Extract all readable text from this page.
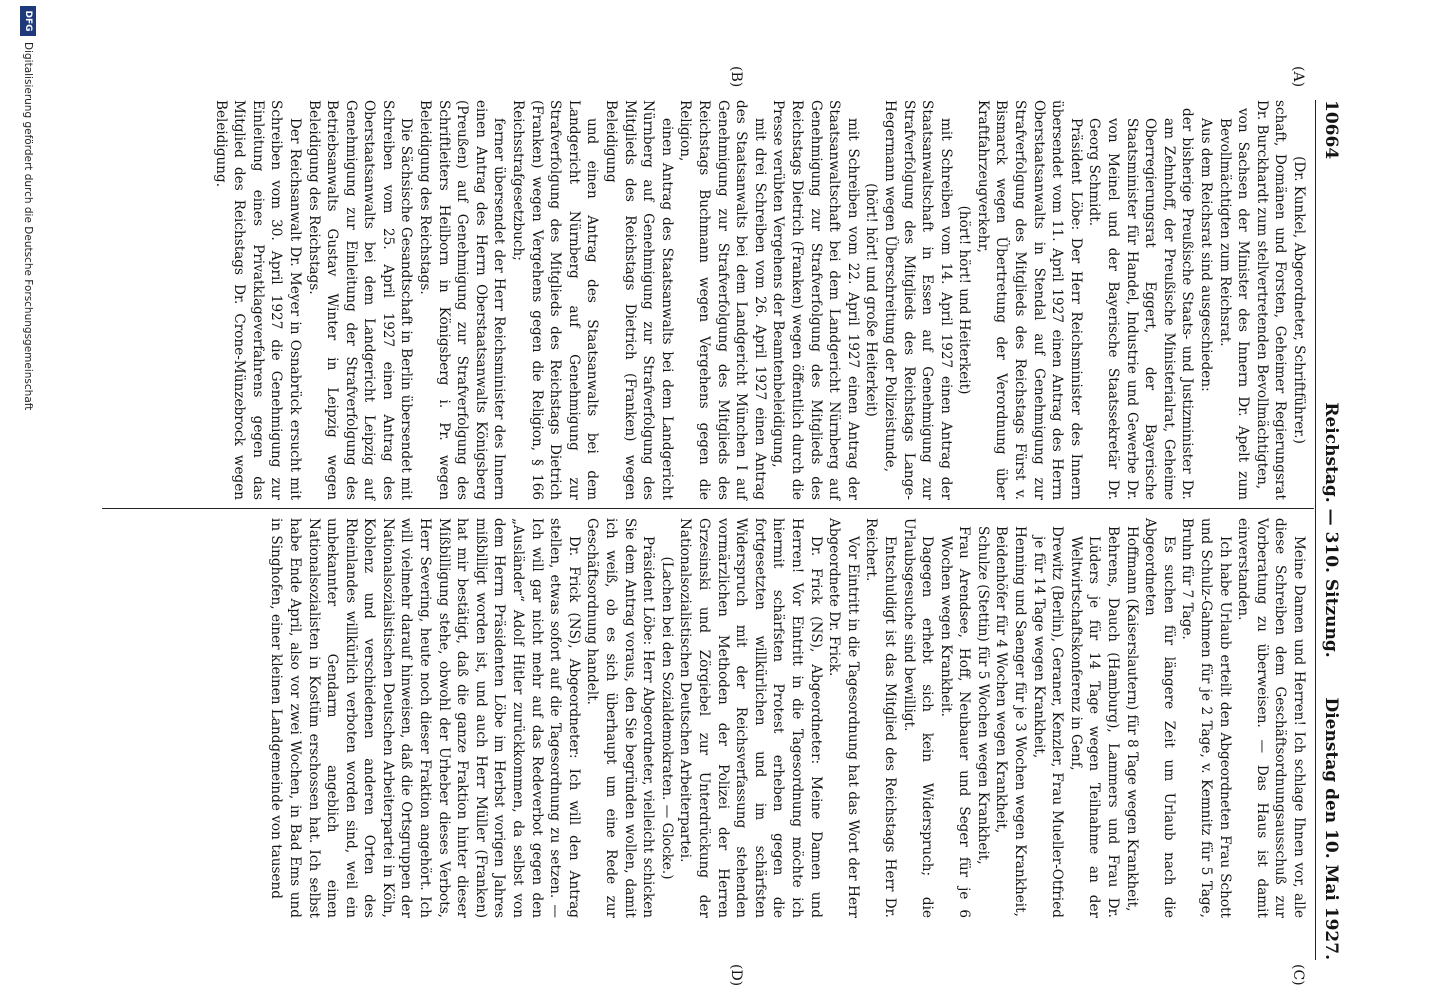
10664
Reichstag. — 310. Sitzung.
Dienstag den 10. Mai 1927.
(A)
(B)
(C)
(D)

(Dr. Kunkel, Abgeordneter, Schriftführer.)

schaft, Domänen und Forsten, Geheimer Regierungsrat Dr. Burckhardt zum stellvertretenden Bevollmächtigten,

von Sachsen der Minister des Innern Dr. Apelt zum Bevollmächtigten zum Reichsrat.

Aus dem Reichsrat sind ausgeschieden:

der bisherige Preußische Staats- und Justizminister Dr. am Zehnhoff, der Preußische Ministerialrat, Geheime Oberregierungsrat Eggert, der Bayerische Staatsminister für Handel, Industrie und Gewerbe Dr. von Meinel und der Bayerische Staatssekretär Dr. Georg Schmidt.

Präsident Löbe: Der Herr Reichsminister des Innern übersendet vom 11. April 1927 einen Antrag des Herrn Oberstaatsanwalts in Stendal auf Genehmigung zur Strafverfolgung des Mitglieds des Reichstags Fürst v. Bismarck wegen Übertretung der Verordnung über Kraftfahrzeugverkehr,

(hört! hört! und Heiterkeit)

mit Schreiben vom 14. April 1927 einen Antrag der Staatsanwaltschaft in Essen auf Genehmigung zur Strafverfolgung des Mitglieds des Reichstags Lange-Hegermann wegen Überschreitung der Polizeistunde,

(hört! hört! und große Heiterkeit)

mit Schreiben vom 22. April 1927 einen Antrag der Staatsanwaltschaft bei dem Landgericht Nürnberg auf Genehmigung zur Strafverfolgung des Mitglieds des Reichstags Dietrich (Franken) wegen öffentlich durch die Presse verübten Vergehens der Beamtenbeleidigung,

mit drei Schreiben vom 26. April 1927 einen Antrag des Staatsanwalts bei dem Landgericht München I auf Genehmigung zur Strafverfolgung des Mitglieds des Reichstags Buchmann wegen Vergehens gegen die Religion,

einen Antrag des Staatsanwalts bei dem Landgericht Nürnberg auf Genehmigung zur Strafverfolgung des Mitglieds des Reichstags Dietrich (Franken) wegen Beleidigung

und einen Antrag des Staatsanwalts bei dem Landgericht Nürnberg auf Genehmigung zur Strafverfolgung des Mitglieds des Reichstags Dietrich (Franken) wegen Vergehens gegen die Religion, § 166 Reichsstrafgesetzbuch;

ferner übersendet der Herr Reichsminister des Innern einen Antrag des Herrn Oberstaatsanwalts Königsberg (Preußen) auf Genehmigung zur Strafverfolgung des Schriftleiters Heilborn in Königsberg i. Pr. wegen Beleidigung des Reichstags.

Die Sächsische Gesandtschaft in Berlin übersendet mit Schreiben vom 25. April 1927 einen Antrag des Oberstaatsanwalts bei dem Landgericht Leipzig auf Genehmigung zur Einleitung der Strafverfolgung des Betriebsanwalts Gustav Winter in Leipzig wegen Beleidigung des Reichstags.

Der Reichsanwalt Dr. Meyer in Osnabrück ersucht mit Schreiben vom 30. April 1927 die Genehmigung zur Einleitung eines Privatklageverfahrens gegen das Mitglied des Reichstags Dr. Crone-Münzebrock wegen Beleidigung.

Meine Damen und Herren! Ich schlage Ihnen vor, alle diese Schreiben dem Geschäftsordnungsausschuß zur Vorberatung zu überweisen. — Das Haus ist damit einverstanden.

Ich habe Urlaub erteilt den Abgeordneten Frau Schott und Schulz-Gahmen für je 2 Tage, v. Kemnitz für 5 Tage, Bruhn für 7 Tage.

Es suchen für längere Zeit um Urlaub nach die Abgeordneten

Hoffmann (Kaiserslautern) für 8 Tage wegen Krankheit,

Behrens, Dauch (Hamburg), Lammers und Frau Dr. Lüders je für 14 Tage wegen Teilnahme an der Weltwirtschaftskonferenz in Genf,

Drewitz (Berlin), Geraner, Kenzler, Frau Mueller-Otfried je für 14 Tage wegen Krankheit,

Henning und Saenger für je 3 Wochen wegen Krankheit,

Beidenhöfer für 4 Wochen wegen Krankheit,

Schulze (Stettin) für 5 Wochen wegen Krankheit,

Frau Arendsee, Hoff, Neubauer und Seger für je 6 Wochen wegen Krankheit.

Dagegen erhebt sich kein Widerspruch; die Urlaubsgesuche sind bewilligt.

Entschuldigt ist das Mitglied des Reichstags Herr Dr. Reichert.

Vor Eintritt in die Tagesordnung hat das Wort der Herr Abgeordnete Dr. Frick.

Dr. Frick (NS), Abgeordneter: Meine Damen und Herren! Vor Eintritt in die Tagesordnung möchte ich hiermit schärfsten Protest erheben gegen die fortgesetzten willkürlichen und im schärfsten Widerspruch mit der Reichsverfassung stehenden vormärzlichen Methoden der Polizei der Herren Grzesinski und Zörgiebel zur Unterdrückung der Nationalsozialistischen Deutschen Arbeiterpartei.

(Lachen bei den Sozialdemokraten. — Glocke.)

Präsident Löbe: Herr Abgeordneter, vielleicht schicken Sie dem Antrag voraus, den Sie begründen wollen, damit ich weiß, ob es sich überhaupt um eine Rede zur Geschäftsordnung handelt.

Dr. Frick (NS), Abgeordneter: Ich will den Antrag stellen, etwas sofort auf die Tagesordnung zu setzen. — Ich will gar nicht mehr auf das Redeverbot gegen den „Ausländer“ Adolf Hitler zurückkommen, da selbst von dem Herrn Präsidenten Löbe im Herbst vorigen Jahres mißbilligt worden ist, und auch Herr Müller (Franken) hat mir bestätigt, daß die ganze Fraktion hinter dieser Mißbilligung stehe, obwohl der Urheber dieses Verbots, Herr Severing, heute noch dieser Fraktion angehört. Ich will vielmehr darauf hinweisen, daß die Ortsgruppen der Nationalsozialistischen Deutschen Arbeiterpartei in Köln, Koblenz und verschiedenen anderen Orten des Rheinlandes willkürlich verboten worden sind, weil ein unbekannter Gendarm angeblich einen Nationalsozialisten in Kostüm erschossen hat. Ich selbst habe Ende April, also vor zwei Wochen, in Bad Ems und in Singhofen, einer kleinen Landgemeinde von tausend

DFG
Digitalisierung gefördert durch die Deutsche Forschungsgemeinschaft
